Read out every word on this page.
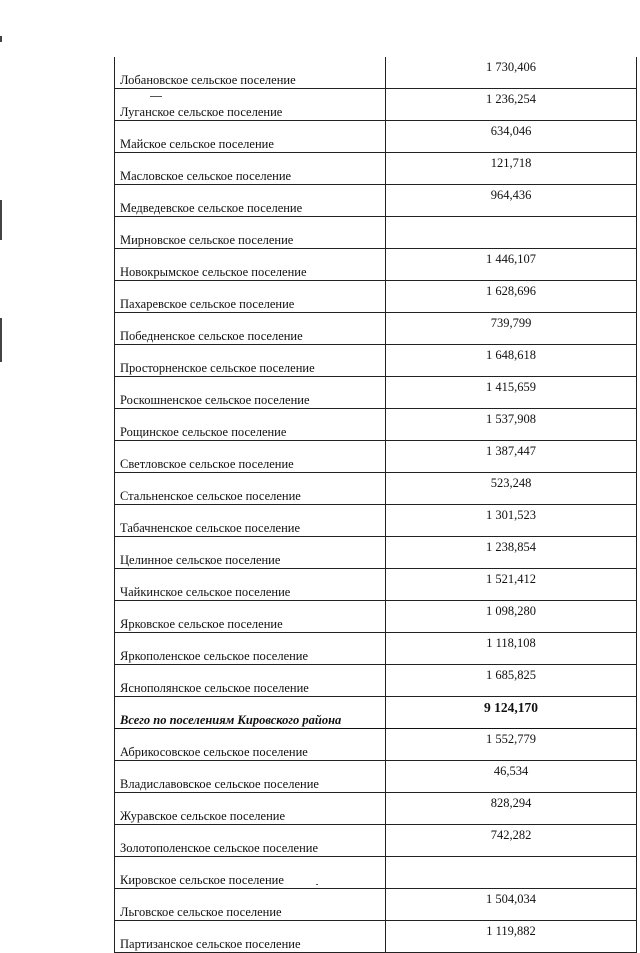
Лобановское сельское поселение	1 730,406
Луганское сельское поселение	1 236,254
Майское сельское поселение	634,046
Масловское сельское поселение	121,718
Медведевское сельское поселение	964,436
Мирновское сельское поселение	
Новокрымское сельское поселение	1 446,107
Пахаревское сельское поселение	1 628,696
Победненское сельское поселение	739,799
Просторненское сельское поселение	1 648,618
Роскошненское сельское поселение	1 415,659
Рощинское сельское поселение	1 537,908
Светловское сельское поселение	1 387,447
Стальненское сельское поселение	523,248
Табачненское сельское поселение	1 301,523
Целинное сельское поселение	1 238,854
Чайкинское сельское поселение	1 521,412
Ярковское сельское поселение	1 098,280
Яркополенское сельское поселение	1 118,108
Яснополянское сельское поселение	1 685,825
Всего по поселениям Кировского района	9 124,170
Абрикосовское сельское поселение	1 552,779
Владиславовское сельское поселение	46,534
Журавское сельское поселение	828,294
Золотополенское сельское поселение	742,282
Кировское сельское поселение	
Льговское сельское поселение	1 504,034
Партизанское сельское поселение	1 119,882
